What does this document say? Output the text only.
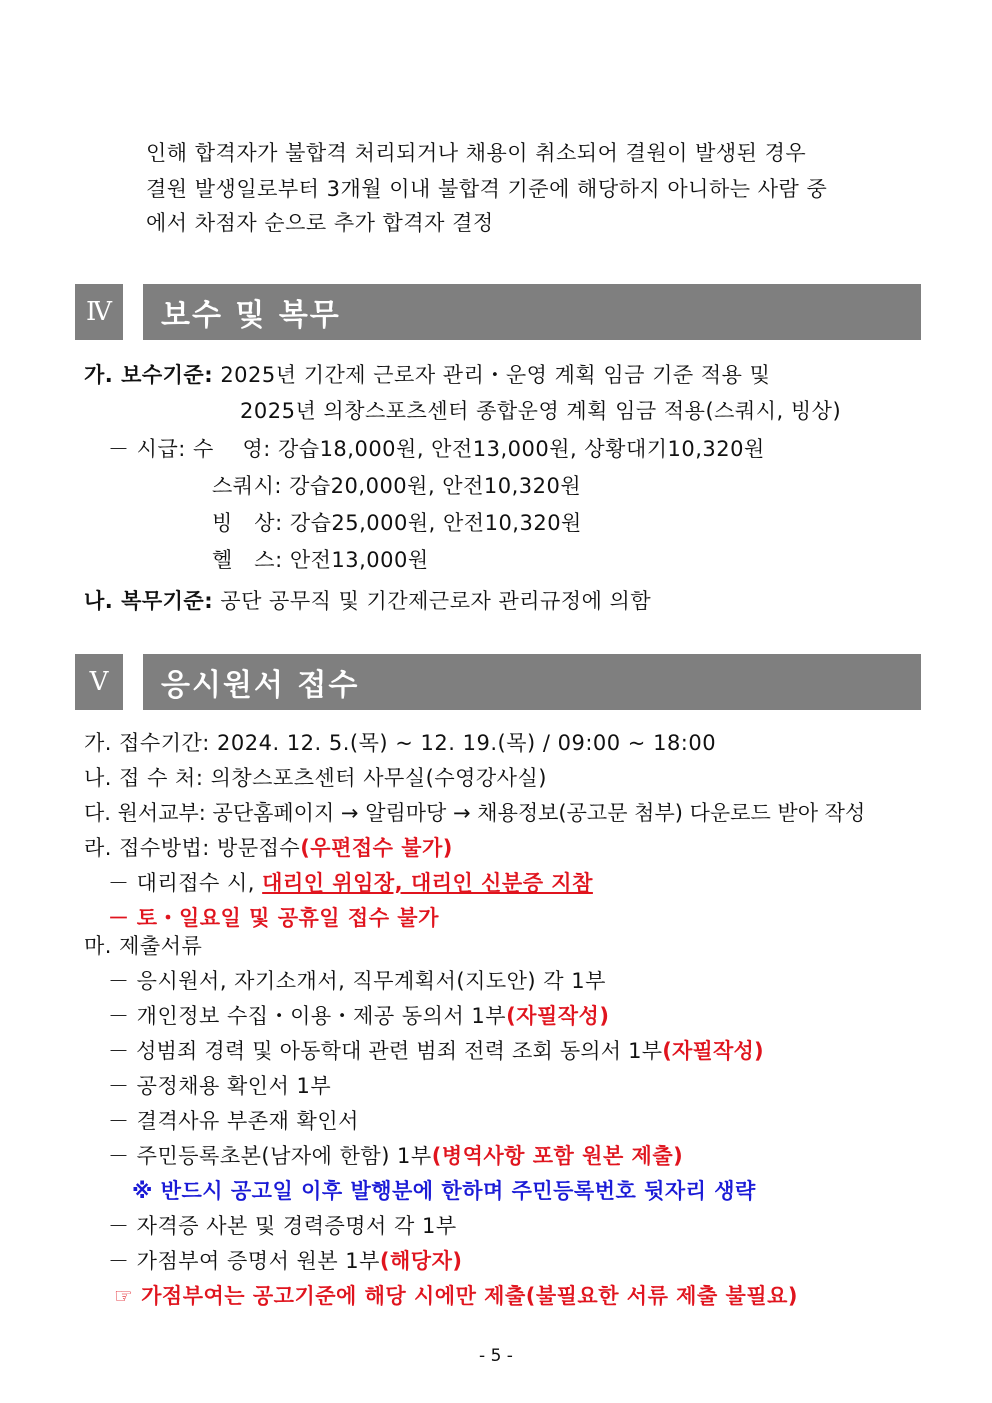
인해 합격자가 불합격 처리되거나 채용이 취소되어 결원이 발생된 경우
결원 발생일로부터 3개월 이내 불합격 기준에 해당하지 아니하는 사람 중
에서 차점자 순으로 추가 합격자 결정
Ⅳ	보수 및 복무
가. 보수기준: 2025년 기간제 근로자 관리・운영 계획 임금 기준 적용 및
2025년 의창스포츠센터 종합운영 계획 임금 적용(스쿼시, 빙상)
－ 시급: 수　 영: 강습18,000원, 안전13,000원, 상황대기10,320원
스쿼시: 강습20,000원, 안전10,320원
빙　상: 강습25,000원, 안전10,320원
헬　스: 안전13,000원
나. 복무기준: 공단 공무직 및 기간제근로자 관리규정에 의함
Ⅴ	응시원서 접수
가. 접수기간: 2024. 12. 5.(목) ~ 12. 19.(목) / 09:00 ~ 18:00
나. 접 수 처: 의창스포츠센터 사무실(수영강사실)
다. 원서교부: 공단홈페이지 → 알림마당 → 채용정보(공고문 첨부) 다운로드 받아 작성
라. 접수방법: 방문접수(우편접수 불가)
－ 대리접수 시, 대리인 위임장, 대리인 신분증 지참
－ 토・일요일 및 공휴일 접수 불가
마. 제출서류
－ 응시원서, 자기소개서, 직무계획서(지도안) 각 1부
－ 개인정보 수집・이용・제공 동의서 1부(자필작성)
－ 성범죄 경력 및 아동학대 관련 범죄 전력 조회 동의서 1부(자필작성)
－ 공정채용 확인서 1부
－ 결격사유 부존재 확인서
－ 주민등록초본(남자에 한함) 1부(병역사항 포함 원본 제출)
※ 반드시 공고일 이후 발행분에 한하며 주민등록번호 뒷자리 생략
－ 자격증 사본 및 경력증명서 각 1부
－ 가점부여 증명서 원본 1부(해당자)
☞ 가점부여는 공고기준에 해당 시에만 제출(불필요한 서류 제출 불필요)
- 5 -
